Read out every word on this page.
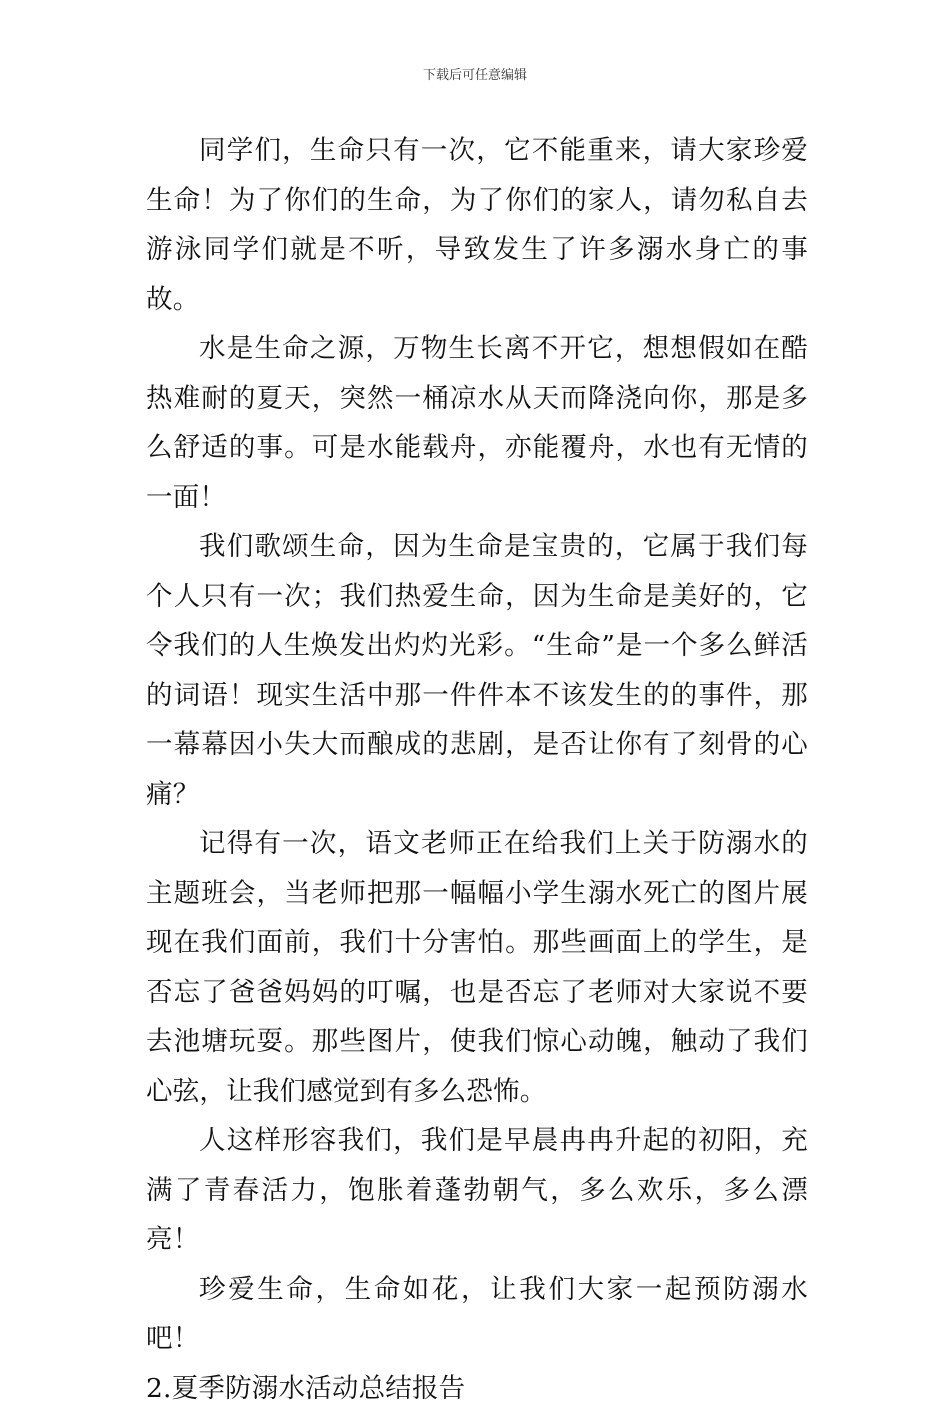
下载后可任意编辑

同学们，生命只有一次，它不能重来，请大家珍爱生命！为了你们的生命，为了你们的家人，请勿私自去游泳同学们就是不听，导致发生了许多溺水身亡的事故。

水是生命之源，万物生长离不开它，想想假如在酷热难耐的夏天，突然一桶凉水从天而降浇向你，那是多么舒适的事。可是水能载舟，亦能覆舟，水也有无情的一面！

我们歌颂生命，因为生命是宝贵的，它属于我们每个人只有一次；我们热爱生命，因为生命是美好的，它令我们的人生焕发出灼灼光彩。“生命”是一个多么鲜活的词语！现实生活中那一件件本不该发生的的事件，那一幕幕因小失大而酿成的悲剧，是否让你有了刻骨的心痛？

记得有一次，语文老师正在给我们上关于防溺水的主题班会，当老师把那一幅幅小学生溺水死亡的图片展现在我们面前，我们十分害怕。那些画面上的学生，是否忘了爸爸妈妈的叮嘱，也是否忘了老师对大家说不要去池塘玩耍。那些图片，使我们惊心动魄，触动了我们心弦，让我们感觉到有多么恐怖。

人这样形容我们，我们是早晨冉冉升起的初阳，充满了青春活力，饱胀着蓬勃朝气，多么欢乐，多么漂亮！

珍爱生命，生命如花，让我们大家一起预防溺水吧！

2.夏季防溺水活动总结报告
